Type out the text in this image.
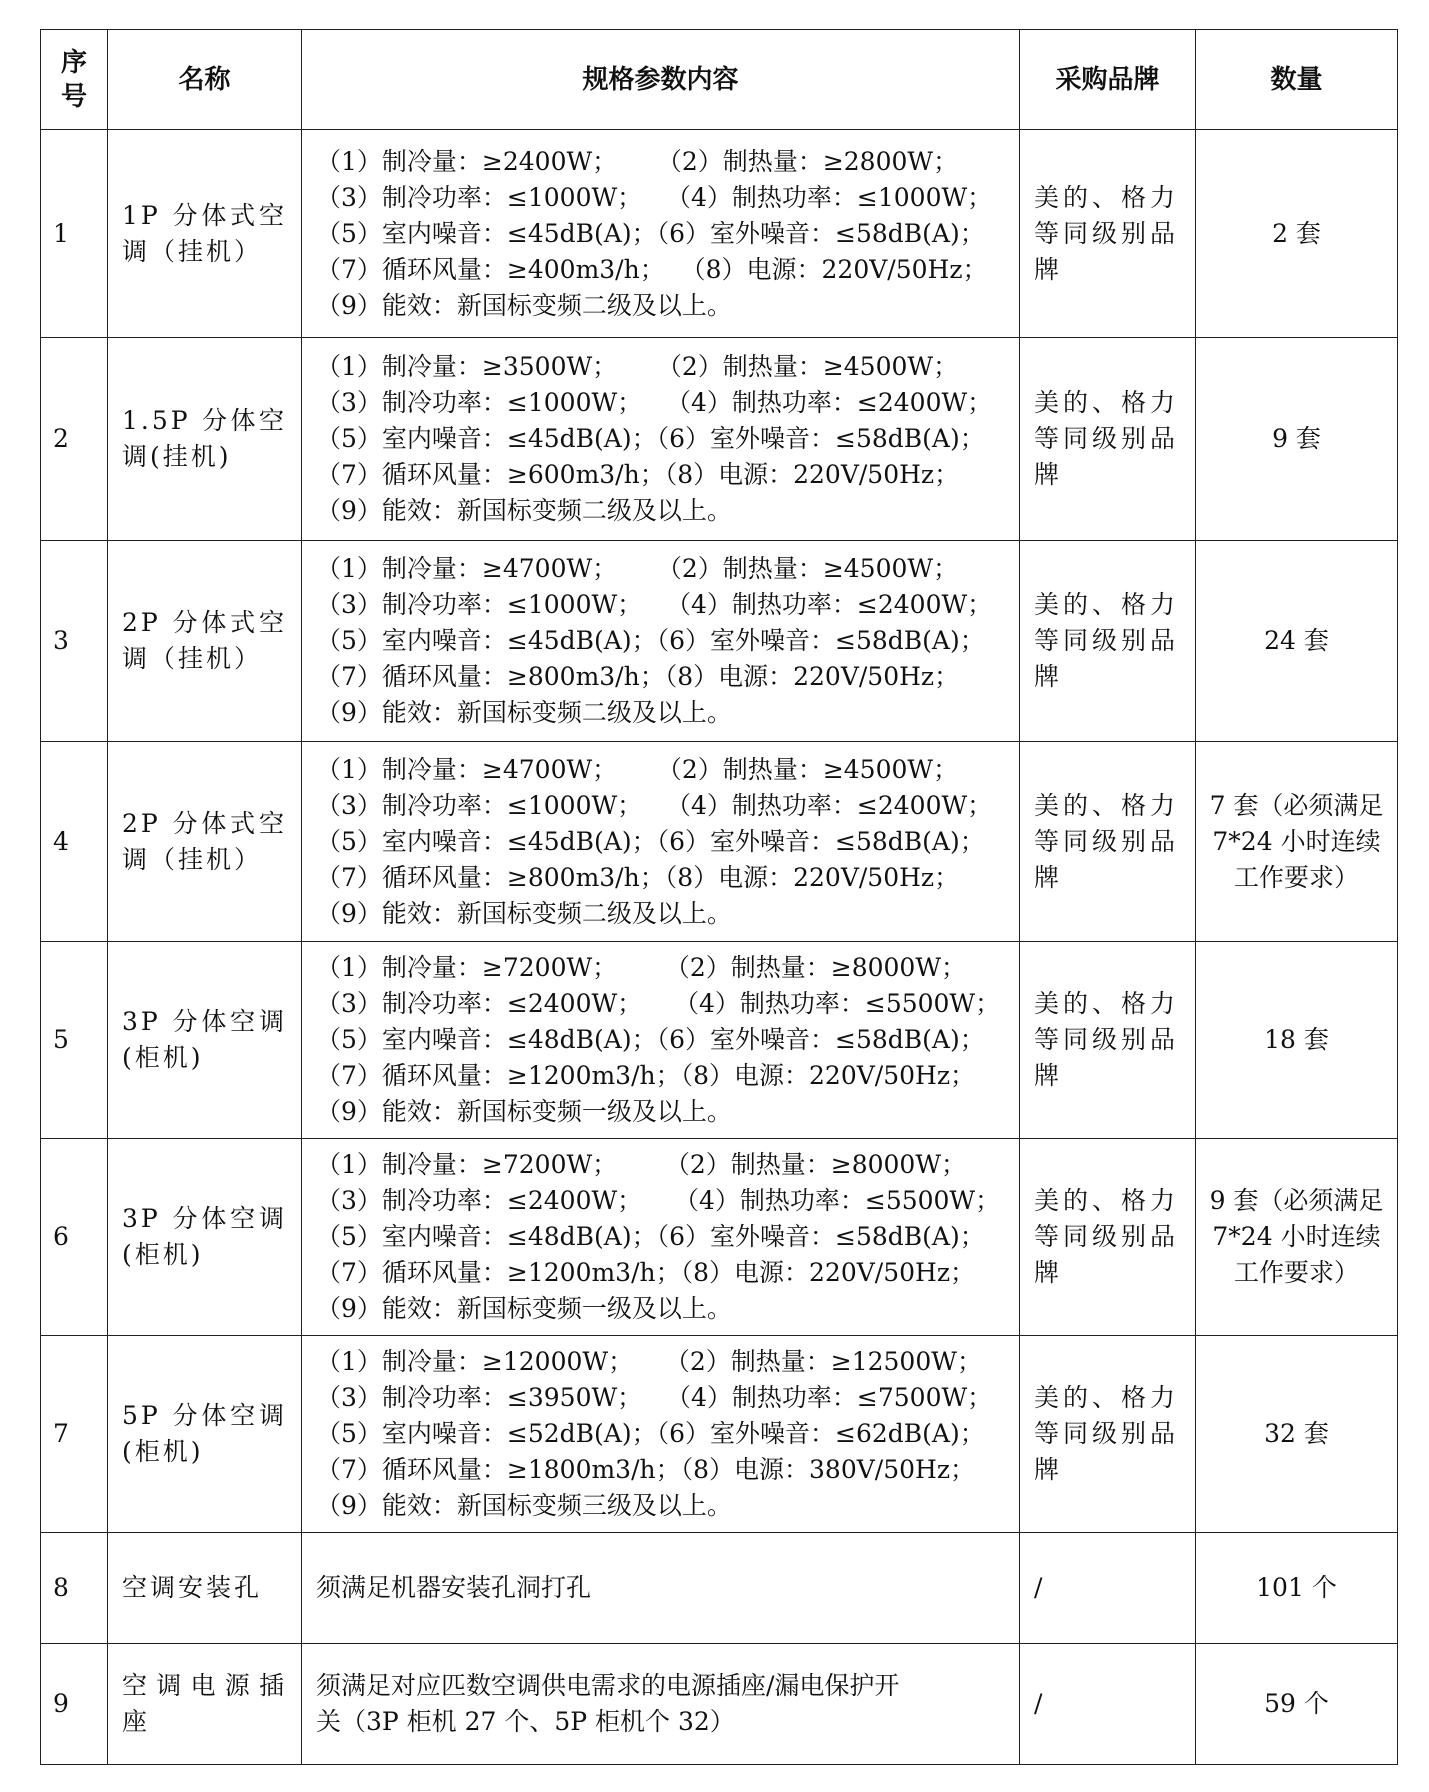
序号	名称	规格参数内容	采购品牌	数量
1	1P 分体式空调（挂机）	（1）制冷量：≥2400W；     （2）制热量：≥2800W；
（3）制冷功率：≤1000W；   （4）制热功率：≤1000W；
（5）室内噪音：≤45dB(A)；（6）室外噪音：≤58dB(A)；
（7）循环风量：≥400m3/h；  （8）电源：220V/50Hz；
（9）能效：新国标变频二级及以上。	美的、格力等同级别品牌	2 套
2	1.5P 分体空调(挂机)	（1）制冷量：≥3500W；     （2）制热量：≥4500W；
（3）制冷功率：≤1000W；   （4）制热功率：≤2400W；
（5）室内噪音：≤45dB(A)；（6）室外噪音：≤58dB(A)；
（7）循环风量：≥600m3/h；（8）电源：220V/50Hz；
（9）能效：新国标变频二级及以上。	美的、格力等同级别品牌	9 套
3	2P 分体式空调（挂机）	（1）制冷量：≥4700W；     （2）制热量：≥4500W；
（3）制冷功率：≤1000W；   （4）制热功率：≤2400W；
（5）室内噪音：≤45dB(A)；（6）室外噪音：≤58dB(A)；
（7）循环风量：≥800m3/h；（8）电源：220V/50Hz；
（9）能效：新国标变频二级及以上。	美的、格力等同级别品牌	24 套
4	2P 分体式空调（挂机）	（1）制冷量：≥4700W；     （2）制热量：≥4500W；
（3）制冷功率：≤1000W；   （4）制热功率：≤2400W；
（5）室内噪音：≤45dB(A)；（6）室外噪音：≤58dB(A)；
（7）循环风量：≥800m3/h；（8）电源：220V/50Hz；
（9）能效：新国标变频二级及以上。	美的、格力等同级别品牌	7 套（必须满足7*24 小时连续工作要求）
5	3P 分体空调(柜机)	（1）制冷量：≥7200W；      （2）制热量：≥8000W；
（3）制冷功率：≤2400W；    （4）制热功率：≤5500W；
（5）室内噪音：≤48dB(A)；（6）室外噪音：≤58dB(A)；
（7）循环风量：≥1200m3/h；（8）电源：220V/50Hz；
（9）能效：新国标变频一级及以上。	美的、格力等同级别品牌	18 套
6	3P 分体空调(柜机)	（1）制冷量：≥7200W；      （2）制热量：≥8000W；
（3）制冷功率：≤2400W；    （4）制热功率：≤5500W；
（5）室内噪音：≤48dB(A)；（6）室外噪音：≤58dB(A)；
（7）循环风量：≥1200m3/h；（8）电源：220V/50Hz；
（9）能效：新国标变频一级及以上。	美的、格力等同级别品牌	9 套（必须满足7*24 小时连续工作要求）
7	5P 分体空调(柜机)	（1）制冷量：≥12000W；    （2）制热量：≥12500W；
（3）制冷功率：≤3950W；   （4）制热功率：≤7500W；
（5）室内噪音：≤52dB(A)；（6）室外噪音：≤62dB(A)；
（7）循环风量：≥1800m3/h；（8）电源：380V/50Hz；
（9）能效：新国标变频三级及以上。	美的、格力等同级别品牌	32 套
8	空调安装孔	须满足机器安装孔洞打孔	/	101 个
9	空调电源插座	须满足对应匹数空调供电需求的电源插座/漏电保护开
关（3P 柜机 27 个、5P 柜机个 32）	/	59 个
